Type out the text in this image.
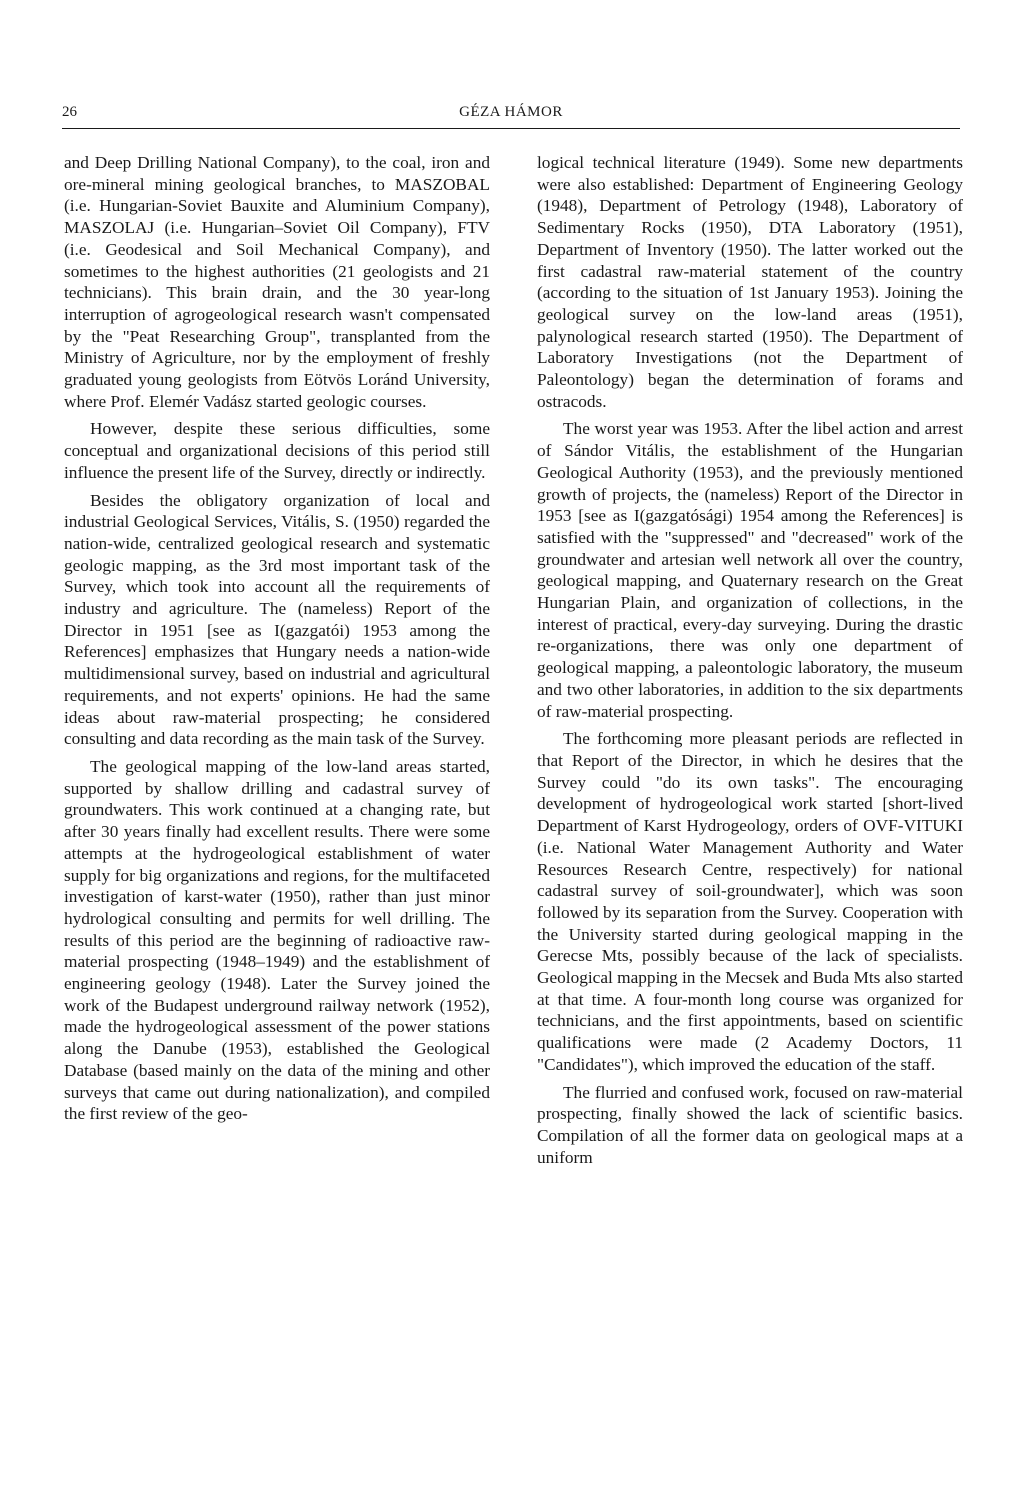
26	GÉZA HÁMOR

and Deep Drilling National Company), to the coal, iron and ore-mineral mining geological branches, to MASZOBAL (i.e. Hungarian-Soviet Bauxite and Aluminium Company), MASZOLAJ (i.e. Hungarian–Soviet Oil Company), FTV (i.e. Geodesical and Soil Mechanical Company), and sometimes to the highest authorities (21 geologists and 21 technicians). This brain drain, and the 30 year-long interruption of agrogeological research wasn't compensated by the "Peat Researching Group", transplanted from the Ministry of Agriculture, nor by the employment of freshly graduated young geologists from Eötvös Loránd University, where Prof. Elemér Vadász started geologic courses.

However, despite these serious difficulties, some conceptual and organizational decisions of this period still influence the present life of the Survey, directly or indirectly.

Besides the obligatory organization of local and industrial Geological Services, Vitális, S. (1950) regarded the nation-wide, centralized geological research and systematic geologic mapping, as the 3rd most important task of the Survey, which took into account all the requirements of industry and agriculture. The (nameless) Report of the Director in 1951 [see as I(gazgatói) 1953 among the References] emphasizes that Hungary needs a nation-wide multidimensional survey, based on industrial and agricultural requirements, and not experts' opinions. He had the same ideas about raw-material prospecting; he considered consulting and data recording as the main task of the Survey.

The geological mapping of the low-land areas started, supported by shallow drilling and cadastral survey of groundwaters. This work continued at a changing rate, but after 30 years finally had excellent results. There were some attempts at the hydrogeological establishment of water supply for big organizations and regions, for the multifaceted investigation of karst-water (1950), rather than just minor hydrological consulting and permits for well drilling. The results of this period are the beginning of radioactive raw-material prospecting (1948–1949) and the establishment of engineering geology (1948). Later the Survey joined the work of the Budapest underground railway network (1952), made the hydrogeological assessment of the power stations along the Danube (1953), established the Geological Database (based mainly on the data of the mining and other surveys that came out during nationalization), and compiled the first review of the geo-

logical technical literature (1949). Some new departments were also established: Department of Engineering Geology (1948), Department of Petrology (1948), Laboratory of Sedimentary Rocks (1950), DTA Laboratory (1951), Department of Inventory (1950). The latter worked out the first cadastral raw-material statement of the country (according to the situation of 1st January 1953). Joining the geological survey on the low-land areas (1951), palynological research started (1950). The Department of Laboratory Investigations (not the Department of Paleontology) began the determination of forams and ostracods.

The worst year was 1953. After the libel action and arrest of Sándor Vitális, the establishment of the Hungarian Geological Authority (1953), and the previously mentioned growth of projects, the (nameless) Report of the Director in 1953 [see as I(gazgatósági) 1954 among the References] is satisfied with the "suppressed" and "decreased" work of the groundwater and artesian well network all over the country, geological mapping, and Quaternary research on the Great Hungarian Plain, and organization of collections, in the interest of practical, every-day surveying. During the drastic re-organizations, there was only one department of geological mapping, a paleontologic laboratory, the museum and two other laboratories, in addition to the six departments of raw-material prospecting.

The forthcoming more pleasant periods are reflected in that Report of the Director, in which he desires that the Survey could "do its own tasks". The encouraging development of hydrogeological work started [short-lived Department of Karst Hydrogeology, orders of OVF-VITUKI (i.e. National Water Management Authority and Water Resources Research Centre, respectively) for national cadastral survey of soil-groundwater], which was soon followed by its separation from the Survey. Cooperation with the University started during geological mapping in the Gerecse Mts, possibly because of the lack of specialists. Geological mapping in the Mecsek and Buda Mts also started at that time. A four-month long course was organized for technicians, and the first appointments, based on scientific qualifications were made (2 Academy Doctors, 11 "Candidates"), which improved the education of the staff.

The flurried and confused work, focused on raw-material prospecting, finally showed the lack of scientific basics. Compilation of all the former data on geological maps at a uniform
